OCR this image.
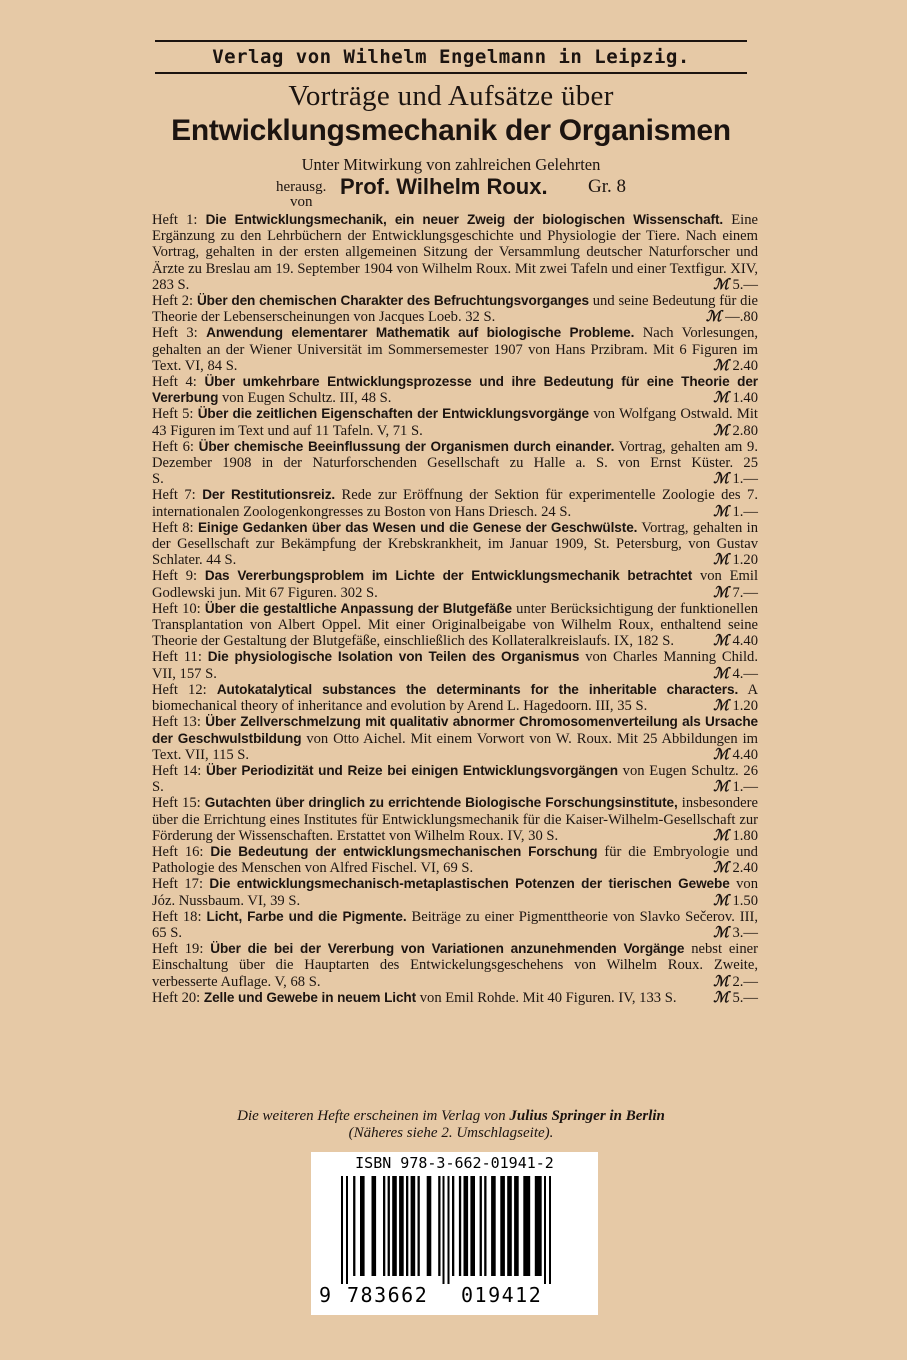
Verlag von Wilhelm Engelmann in Leipzig.
Vorträge und Aufsätze über
Entwicklungsmechanik der Organismen
Unter Mitwirkung von zahlreichen Gelehrten
herausg.
von
Prof. Wilhelm Roux. Gr. 8

Heft 1: Die Entwicklungsmechanik, ein neuer Zweig der biologischen Wissenschaft. Eine Ergänzung zu den Lehrbüchern der Entwicklungsgeschichte und Physiologie der Tiere. Nach einem Vortrag, gehalten in der ersten allgemeinen Sitzung der Versammlung deutscher Naturforscher und Ärzte zu Breslau am 19. September 1904 von Wilhelm Roux. Mit zwei Tafeln und einer Textfigur. XIV, 283 S.     	ℳ 5.—

Heft 2: Über den chemischen Charakter des Befruchtungsvorganges und seine Bedeutung für die Theorie der Lebenserscheinungen von Jacques Loeb. 32 S.     	ℳ —.80

Heft 3: Anwendung elementarer Mathematik auf biologische Probleme. Nach Vorlesungen, gehalten an der Wiener Universität im Sommersemester 1907 von Hans Przibram. Mit 6 Figuren im Text. VI, 84 S.     	ℳ 2.40

Heft 4: Über umkehrbare Entwicklungsprozesse und ihre Bedeutung für eine Theorie der Vererbung von Eugen Schultz. III, 48 S.     	ℳ 1.40

Heft 5: Über die zeitlichen Eigenschaften der Entwicklungsvorgänge von Wolfgang Ostwald. Mit 43 Figuren im Text und auf 11 Tafeln. V, 71 S.     	ℳ 2.80

Heft 6: Über chemische Beeinflussung der Organismen durch einander. Vortrag, gehalten am 9. Dezember 1908 in der Naturforschenden Gesellschaft zu Halle a. S. von Ernst Küster. 25 S.     	ℳ 1.—

Heft 7: Der Restitutionsreiz. Rede zur Eröffnung der Sektion für experimentelle Zoologie des 7. internationalen Zoologenkongresses zu Boston von Hans Driesch. 24 S.     	ℳ 1.—

Heft 8: Einige Gedanken über das Wesen und die Genese der Geschwülste. Vortrag, gehalten in der Gesellschaft zur Bekämpfung der Krebskrankheit, im Januar 1909, St. Petersburg, von Gustav Schlater. 44 S.     	ℳ 1.20

Heft 9: Das Vererbungsproblem im Lichte der Entwicklungsmechanik betrachtet von Emil Godlewski jun. Mit 67 Figuren. 302 S.     	ℳ 7.—

Heft 10: Über die gestaltliche Anpassung der Blutgefäße unter Berücksichtigung der funktionellen Transplantation von Albert Oppel. Mit einer Originalbeigabe von Wilhelm Roux, enthaltend seine Theorie der Gestaltung der Blutgefäße, einschließlich des Kollateralkreislaufs. IX, 182 S.     	ℳ 4.40

Heft 11: Die physiologische Isolation von Teilen des Organismus von Charles Manning Child. VII, 157 S.     	ℳ 4.—

Heft 12: Autokatalytical substances the determinants for the inheritable characters. A biomechanical theory of inheritance and evolution by Arend L. Hagedoorn. III, 35 S.     	ℳ 1.20

Heft 13: Über Zellverschmelzung mit qualitativ abnormer Chromosomenverteilung als Ursache der Geschwulstbildung von Otto Aichel. Mit einem Vorwort von W. Roux. Mit 25 Abbildungen im Text. VII, 115 S.     	ℳ 4.40

Heft 14: Über Periodizität und Reize bei einigen Entwicklungsvorgängen von Eugen Schultz. 26 S.     	ℳ 1.—

Heft 15: Gutachten über dringlich zu errichtende Biologische Forschungsinstitute, insbesondere über die Errichtung eines Institutes für Entwicklungsmechanik für die Kaiser-Wilhelm-Gesellschaft zur Förderung der Wissenschaften. Erstattet von Wilhelm Roux. IV, 30 S.     	ℳ 1.80

Heft 16: Die Bedeutung der entwicklungsmechanischen Forschung für die Embryologie und Pathologie des Menschen von Alfred Fischel. VI, 69 S.     	ℳ 2.40

Heft 17: Die entwicklungsmechanisch-metaplastischen Potenzen der tierischen Gewebe von Józ. Nussbaum. VI, 39 S.     	ℳ 1.50

Heft 18: Licht, Farbe und die Pigmente. Beiträge zu einer Pigmenttheorie von Slavko Sečerov. III, 65 S.     	ℳ 3.—

Heft 19: Über die bei der Vererbung von Variationen anzunehmenden Vorgänge nebst einer Einschaltung über die Hauptarten des Entwickelungsgeschehens von Wilhelm Roux. Zweite, verbesserte Auflage. V, 68 S.     	ℳ 2.—

Heft 20: Zelle und Gewebe in neuem Licht von Emil Rohde. Mit 40 Figuren. IV, 133 S.     	ℳ 5.—

Die weiteren Hefte erscheinen im Verlag von Julius Springer in Berlin
(Näheres siehe 2. Umschlagseite).
ISBN 978-3-662-01941-2
9 783662 019412
